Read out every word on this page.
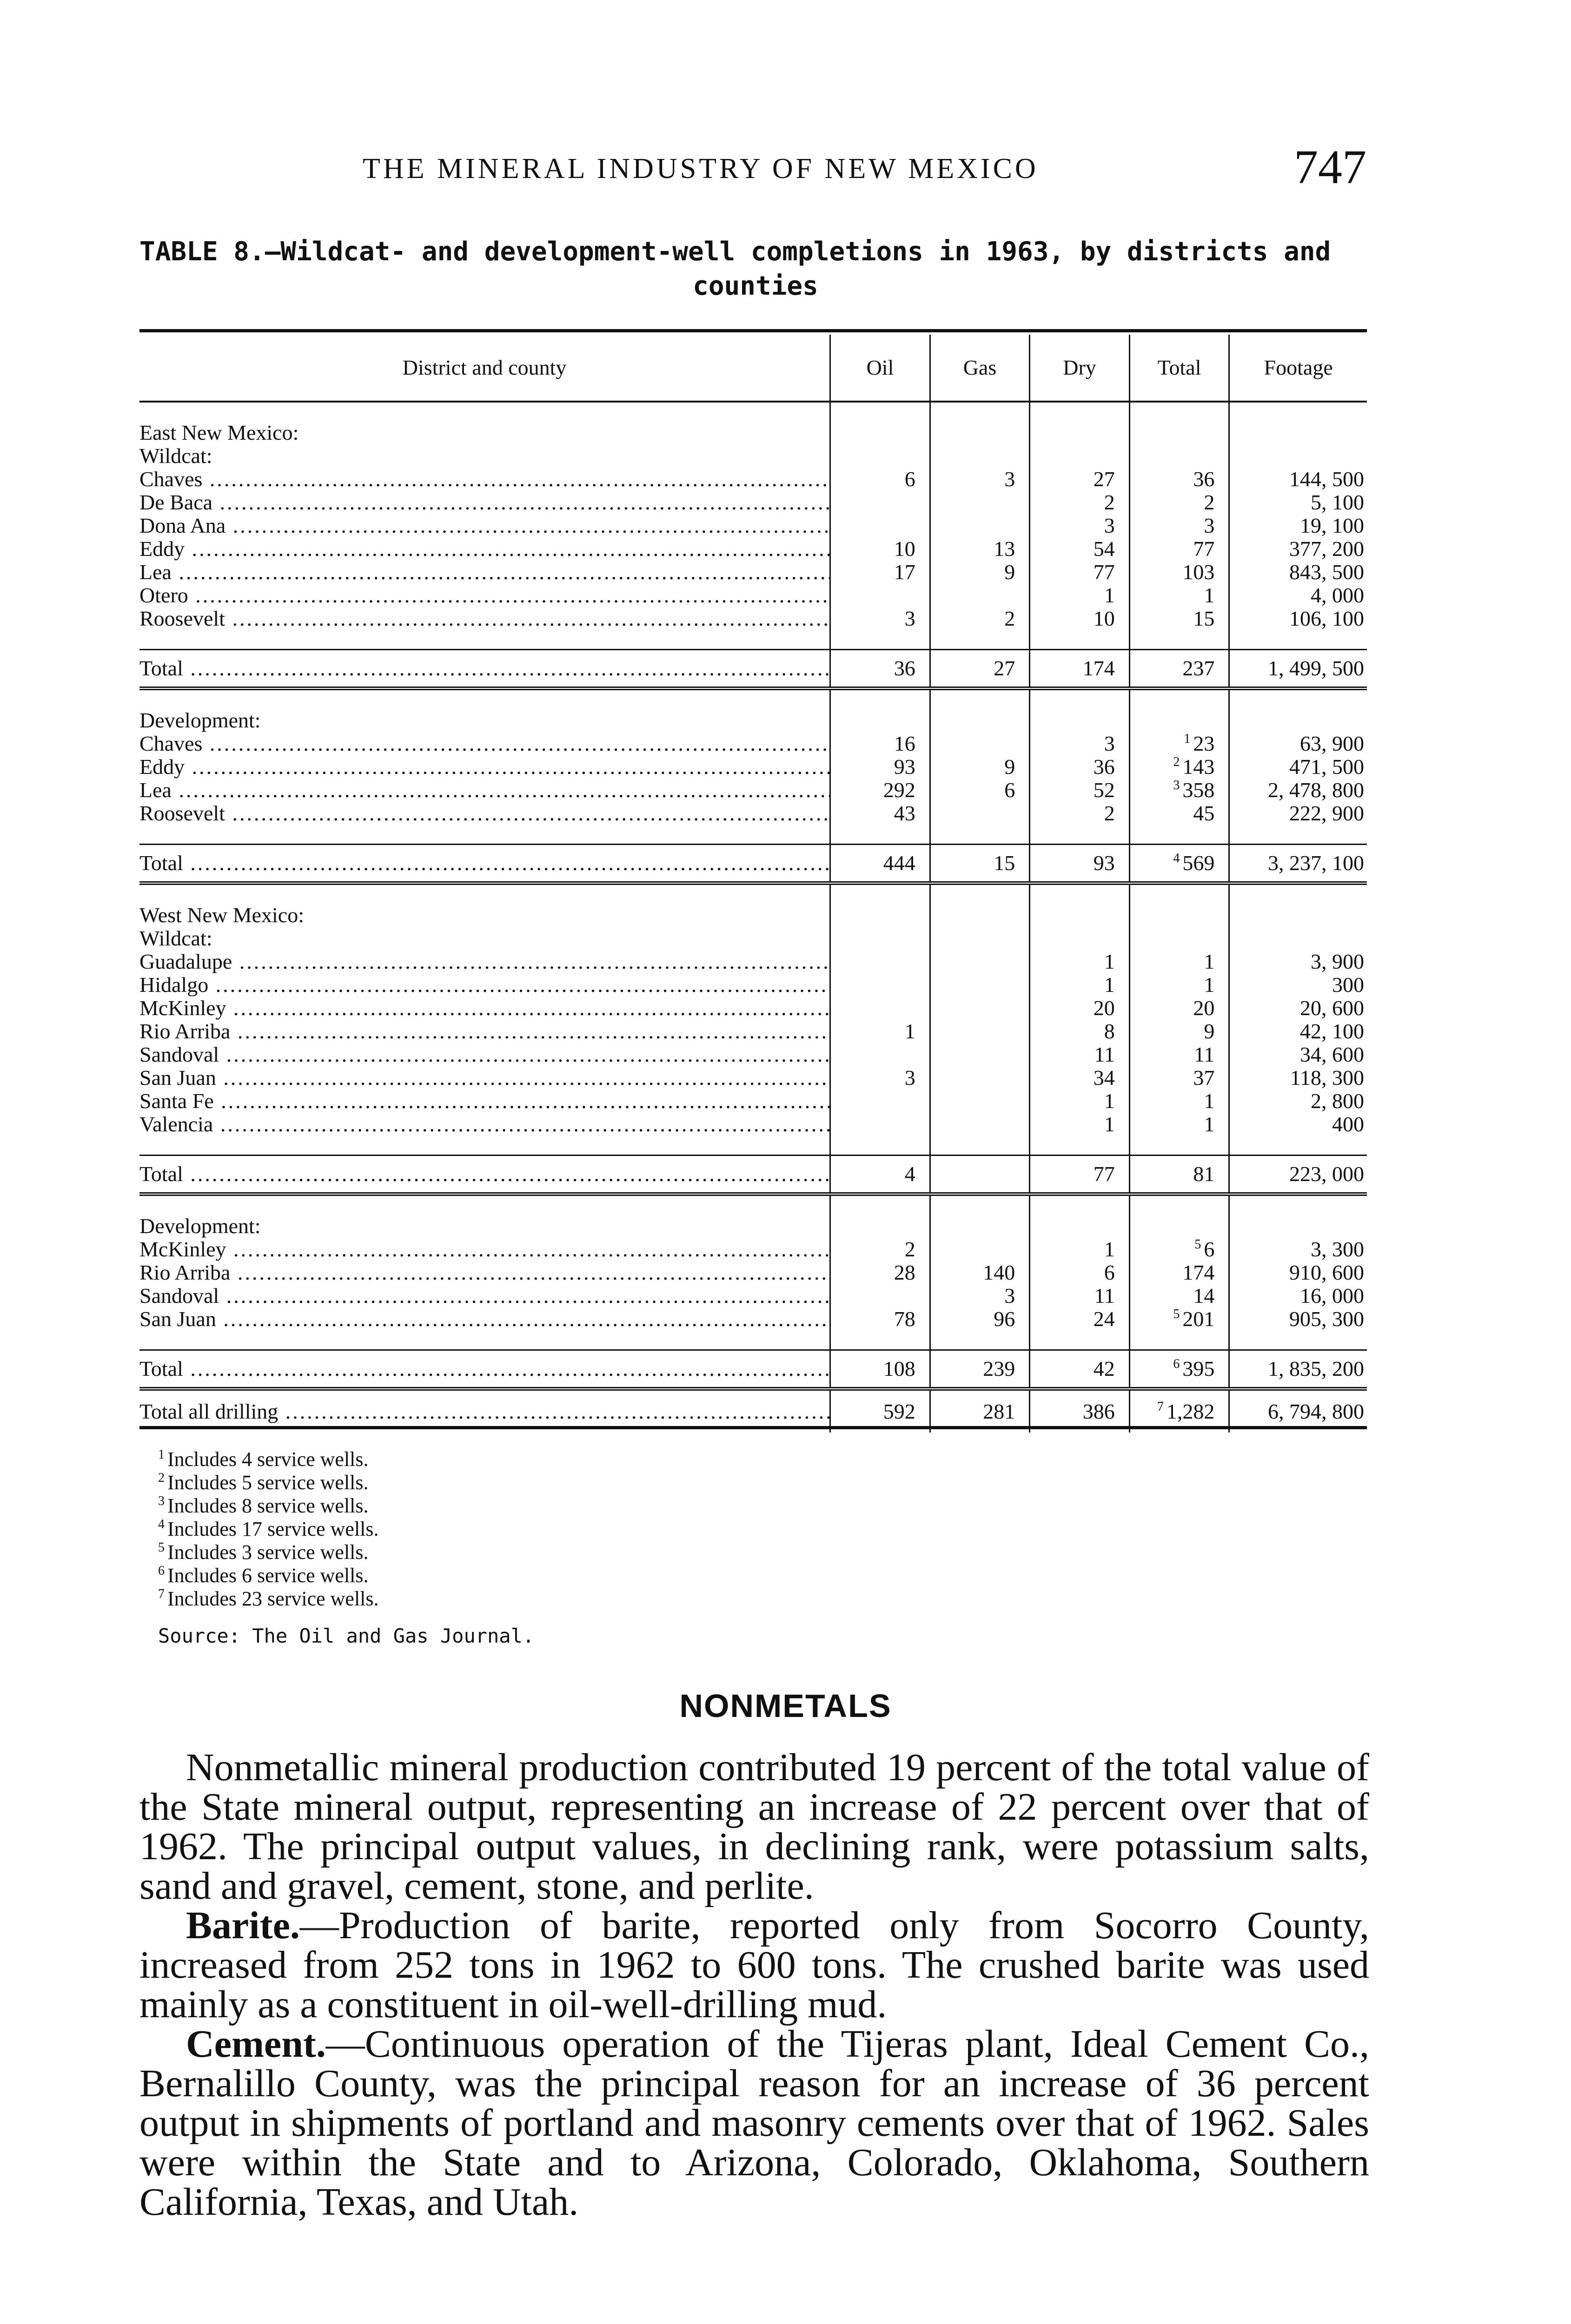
THE MINERAL INDUSTRY OF NEW MEXICO	747
TABLE 8.—Wildcat- and development-well completions in 1963, by districts and
counties
District and county	Oil	Gas	Dry	Total	Footage

East New Mexico:					
Wildcat:					
Chaves .....	6	3	27	36	144, 500
De Baca .....			2	2	5, 100
Dona Ana .....			3	3	19, 100
Eddy .....	10	13	54	77	377, 200
Lea .....	17	9	77	103	843, 500
Otero .....			1	1	4, 000
Roosevelt .....	3	2	10	15	106, 100

Total .....	36	27	174	237	1, 499, 500

Development:					
Chaves .....	16		3	$^1$ 23	63, 900
Eddy .....	93	9	36	$^2$ 143	471, 500
Lea .....	292	6	52	$^3$ 358	2, 478, 800
Roosevelt .....	43		2	45	222, 900

Total .....	444	15	93	$^4$ 569	3, 237, 100

West New Mexico:					
Wildcat:					
Guadalupe .....			1	1	3, 900
Hidalgo .....			1	1	300
McKinley .....			20	20	20, 600
Rio Arriba .....	1		8	9	42, 100
Sandoval .....			11	11	34, 600
San Juan .....	3		34	37	118, 300
Santa Fe .....			1	1	2, 800
Valencia .....			1	1	400

Total .....	4		77	81	223, 000

Development:					
McKinley .....	2		1	$^5$ 6	3, 300
Rio Arriba .....	28	140	6	174	910, 600
Sandoval .....		3	11	14	16, 000
San Juan .....	78	96	24	$^5$ 201	905, 300

Total .....	108	239	42	$^6$ 395	1, 835, 200
Total all drilling .....	592	281	386	$^7$ 1,282	6, 794, 800
$^1$ Includes 4 service wells.
$^2$ Includes 5 service wells.
$^3$ Includes 8 service wells.
$^4$ Includes 17 service wells.
$^5$ Includes 3 service wells.
$^6$ Includes 6 service wells.
$^7$ Includes 23 service wells.
Source: The Oil and Gas Journal.
NONMETALS

Nonmetallic mineral production contributed 19 percent of the total value of the State mineral output, representing an increase of 22 percent over that of 1962. The principal output values, in declining rank, were potassium salts, sand and gravel, cement, stone, and perlite.

Barite.—Production of barite, reported only from Socorro County, increased from 252 tons in 1962 to 600 tons. The crushed barite was used mainly as a constituent in oil-well-drilling mud.

Cement.—Continuous operation of the Tijeras plant, Ideal Cement Co., Bernalillo County, was the principal reason for an increase of 36 percent output in shipments of portland and masonry cements over that of 1962. Sales were within the State and to Arizona, Colorado, Oklahoma, Southern California, Texas, and Utah.
